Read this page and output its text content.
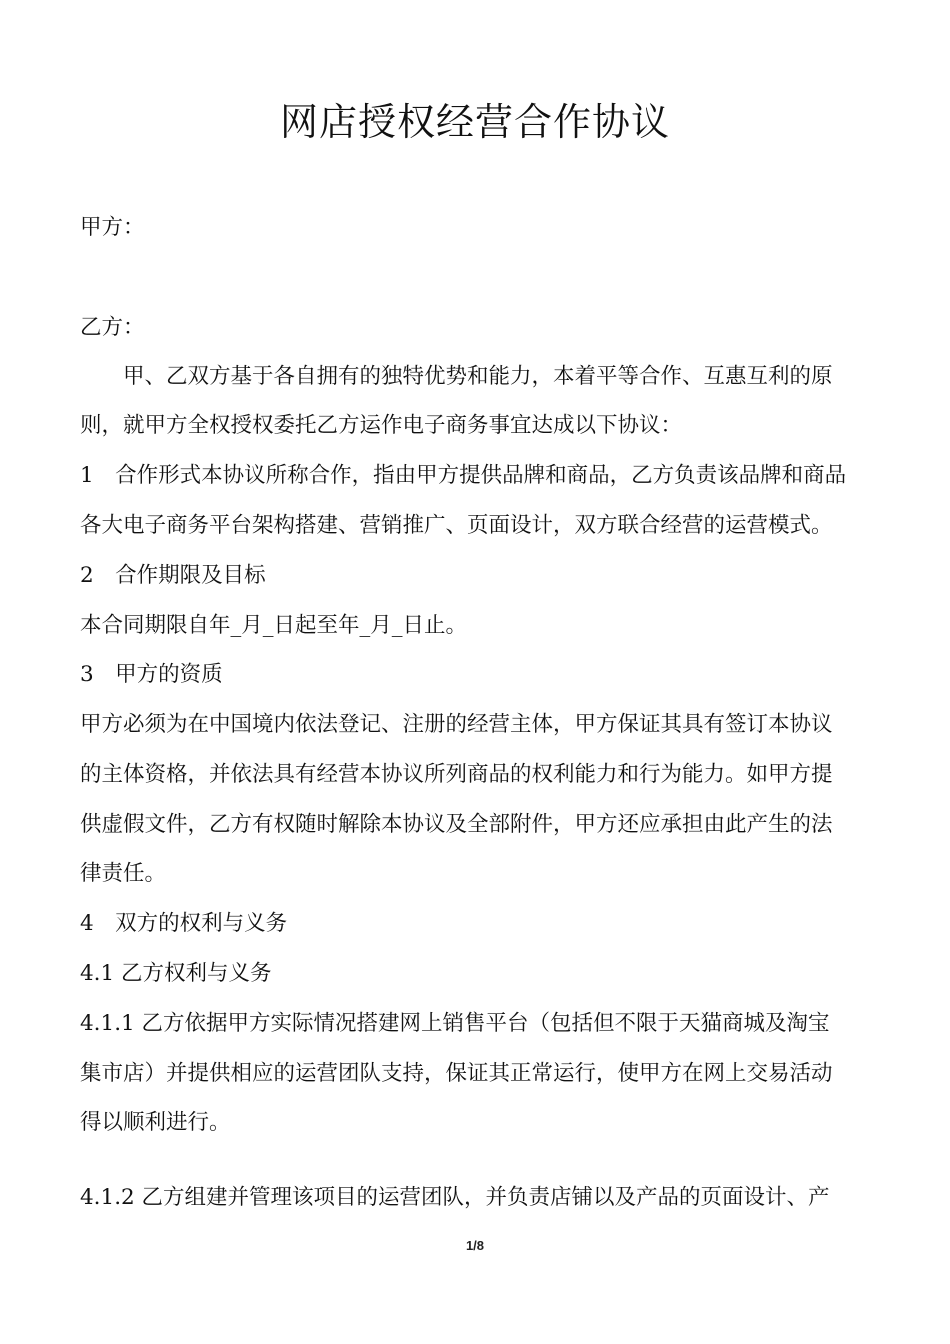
网店授权经营合作协议
甲方：
乙方：
　　甲、乙双方基于各自拥有的独特优势和能力，本着平等合作、互惠互利的原
则，就甲方全权授权委托乙方运作电子商务事宜达成以下协议：
1　合作形式本协议所称合作，指由甲方提供品牌和商品，乙方负责该品牌和商品
各大电子商务平台架构搭建、营销推广、页面设计，双方联合经营的运营模式。
2　合作期限及目标
本合同期限自年_月_日起至年_月_日止。
3　甲方的资质
甲方必须为在中国境内依法登记、注册的经营主体，甲方保证其具有签订本协议
的主体资格，并依法具有经营本协议所列商品的权利能力和行为能力。如甲方提
供虚假文件，乙方有权随时解除本协议及全部附件，甲方还应承担由此产生的法
律责任。
4　双方的权利与义务
4.1 乙方权利与义务
4.1.1 乙方依据甲方实际情况搭建网上销售平台（包括但不限于天猫商城及淘宝
集市店）并提供相应的运营团队支持，保证其正常运行，使甲方在网上交易活动
得以顺利进行。
4.1.2 乙方组建并管理该项目的运营团队，并负责店铺以及产品的页面设计、产
1/8
